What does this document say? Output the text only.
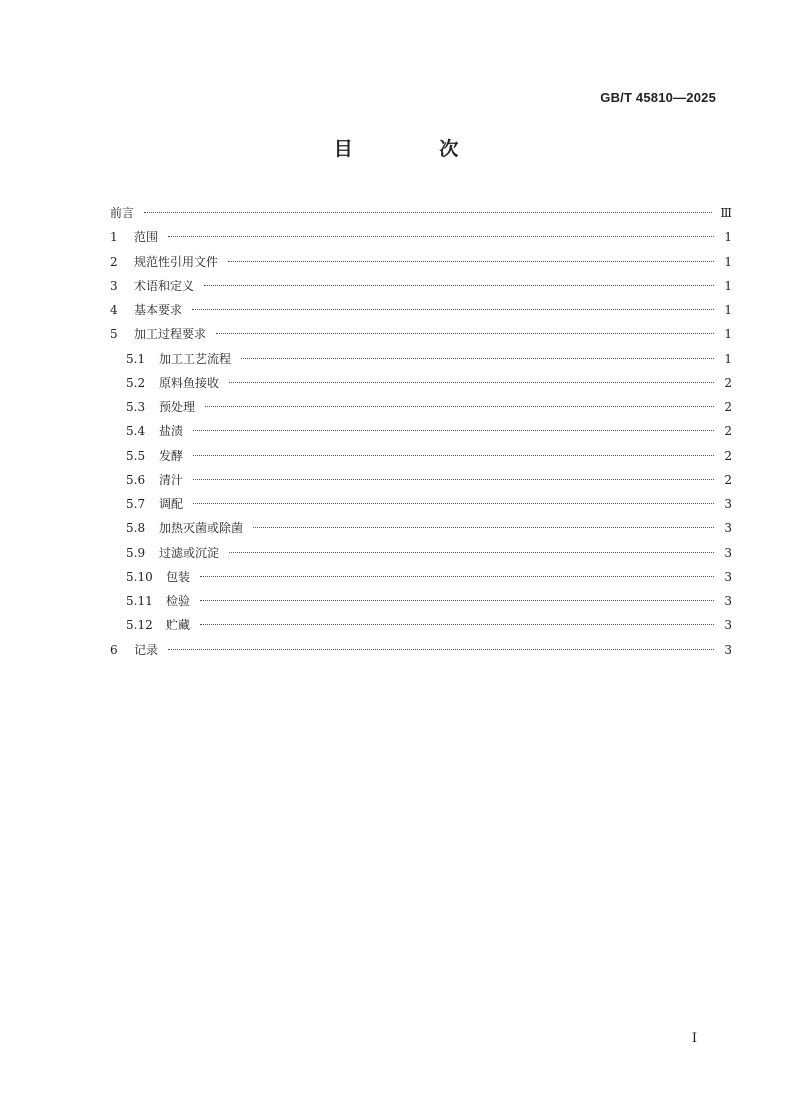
GB/T 45810—2025
目 次
前言	Ⅲ
1	范围	1
2	规范性引用文件	1
3	术语和定义	1
4	基本要求	1
5	加工过程要求	1
5.1	加工工艺流程	1
5.2	原料鱼接收	2
5.3	预处理	2
5.4	盐渍	2
5.5	发酵	2
5.6	清汁	2
5.7	调配	3
5.8	加热灭菌或除菌	3
5.9	过滤或沉淀	3
5.10	包装	3
5.11	检验	3
5.12	贮藏	3
6	记录	3
I
